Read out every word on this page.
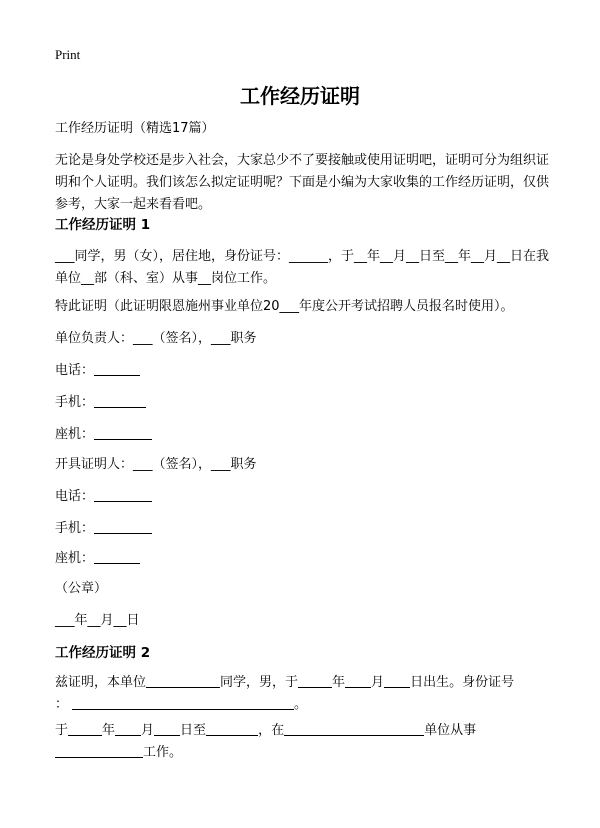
Print
工作经历证明

工作经历证明（精选17篇）

无论是身处学校还是步入社会，大家总少不了要接触或使用证明吧，证明可分为组织证明和个人证明。我们该怎么拟定证明呢？下面是小编为大家收集的工作经历证明，仅供参考，大家一起来看看吧。

工作经历证明 1

___同学，男（女），居住地，身份证号：______，于__年__月__日至__年__月__日在我单位__部（科、室）从事__岗位工作。

特此证明（此证明限恩施州事业单位20___年度公开考试招聘人员报名时使用）。

单位负责人：___（签名），___职务

电话：

手机：

座机：

开具证明人：___（签名），___职务

电话：

手机：

座机：

（公章）

___年__月__日

工作经历证明 2

兹证明，本单位	同学，男，于	年 月 日出生。身份证号
：	。

于	年 月 日至	，在	单位从事
工作。
